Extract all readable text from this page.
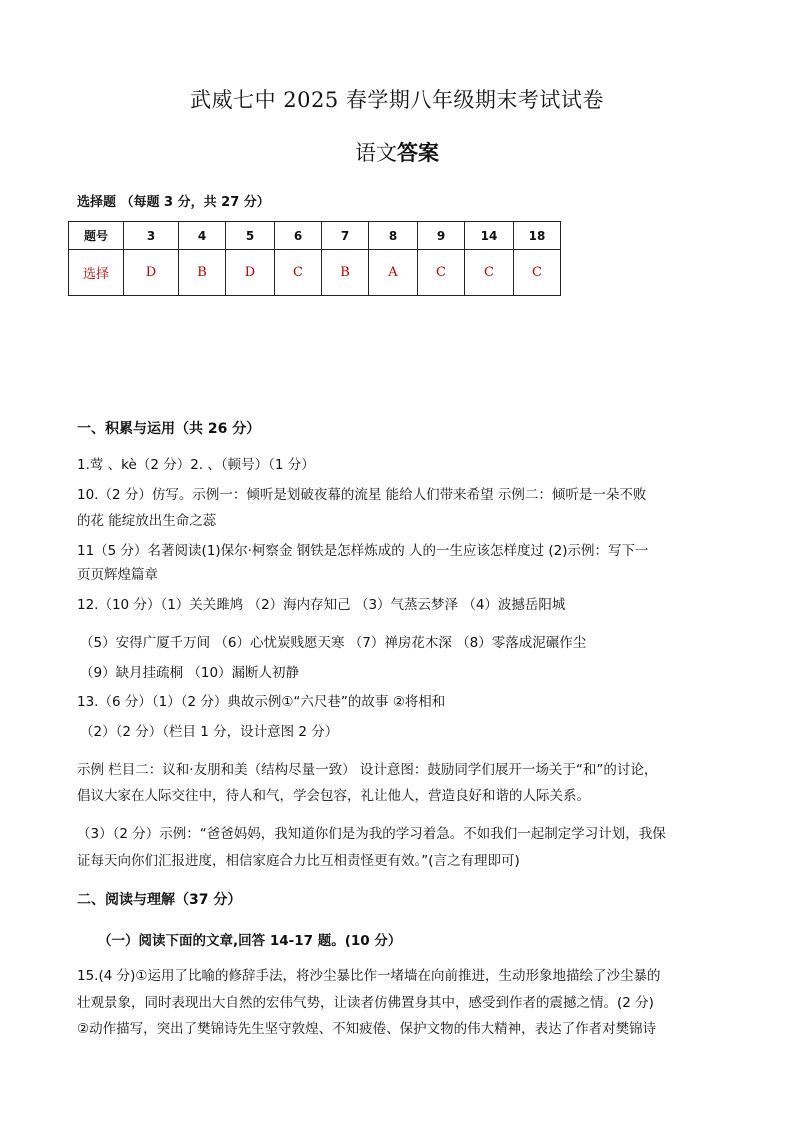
武威七中 2025 春学期八年级期末考试试卷
语文答案
选择题 （每题 3 分，共 27 分）
题号	3	4	5	6	7	8	9	14	18
选择	D	B	D	C	B	A	C	C	C
一、积累与运用（共 26 分）
1.莺 、kè（2 分）2. 、（顿号）（1 分）
10.（2 分）仿写。示例一：倾听是划破夜幕的流星 能给人们带来希望 示例二：倾听是一朵不败
的花 能绽放出生命之蕊
11（5 分）名著阅读(1)保尔·柯察金 钢铁是怎样炼成的 人的一生应该怎样度过 (2)示例：写下一
页页辉煌篇章
12.（10 分）（1）关关雎鸠 （2）海内存知己 （3）气蒸云梦泽 （4）波撼岳阳城
（5）安得广厦千万间 （6）心忧炭贱愿天寒 （7）禅房花木深 （8）零落成泥碾作尘
（9）缺月挂疏桐 （10）漏断人初静
13.（6 分）（1）（2 分）典故示例①“六尺巷”的故事 ②将相和
（2）（2 分）（栏目 1 分，设计意图 2 分）
示例 栏目二：议和·友朋和美（结构尽量一致） 设计意图：鼓励同学们展开一场关于“和”的讨论，
倡议大家在人际交往中，待人和气，学会包容，礼让他人，营造良好和谐的人际关系。
（3）（2 分）示例：“爸爸妈妈，我知道你们是为我的学习着急。不如我们一起制定学习计划，我保
证每天向你们汇报进度，相信家庭合力比互相责怪更有效。”(言之有理即可)
二、阅读与理解（37 分）
（一）阅读下面的文章,回答 14-17 题。(10 分）
15.(4 分)①运用了比喻的修辞手法，将沙尘暴比作一堵墙在向前推进，生动形象地描绘了沙尘暴的
壮观景象，同时表现出大自然的宏伟气势，让读者仿佛置身其中，感受到作者的震撼之情。(2 分)
②动作描写，突出了樊锦诗先生坚守敦煌、不知疲倦、保护文物的伟大精神，表达了作者对樊锦诗
